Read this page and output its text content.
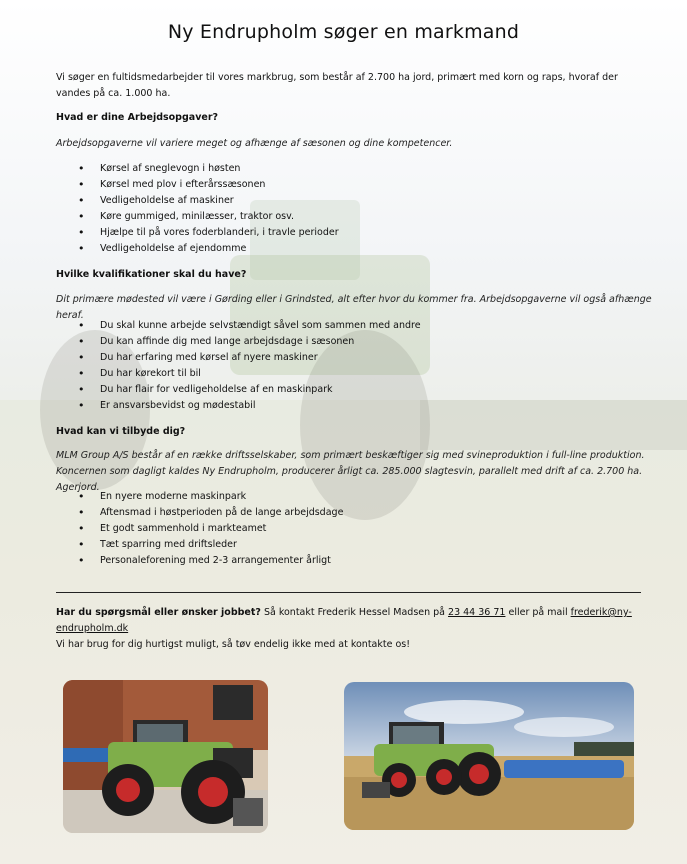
Ny Endrupholm søger en markmand

Vi søger en fultidsmedarbejder til vores markbrug, som består af 2.700 ha jord, primært med korn og raps, hvoraf der vandes på ca. 1.000 ha.

Hvad er dine Arbejdsopgaver?

Arbejdsopgaverne vil variere meget og afhænge af sæsonen og dine kompetencer.

• Kørsel af sneglevogn i høsten
• Kørsel med plov i efterårssæsonen
• Vedligeholdelse af maskiner
• Køre gummiged, minilæsser, traktor osv.
• Hjælpe til på vores foderblanderi, i travle perioder
• Vedligeholdelse af ejendomme

Hvilke kvalifikationer skal du have?

Dit primære mødested vil være i Gørding eller i Grindsted, alt efter hvor du kommer fra. Arbejdsopgaverne vil også afhænge heraf.

• Du skal kunne arbejde selvstændigt såvel som sammen med andre
• Du kan affinde dig med lange arbejdsdage i sæsonen
• Du har erfaring med kørsel af nyere maskiner
• Du har kørekort til bil
• Du har flair for vedligeholdelse af en maskinpark
• Er ansvarsbevidst og mødestabil

Hvad kan vi tilbyde dig?

MLM Group A/S består af en række driftsselskaber, som primært beskæftiger sig med svineproduktion i full-line produktion.

Koncernen som dagligt kaldes Ny Endrupholm, producerer årligt ca. 285.000 slagtesvin, parallelt med drift af ca. 2.700 ha. Agerjord.

• En nyere moderne maskinpark
• Aftensmad i høstperioden på de lange arbejdsdage
• Et godt sammenhold i markteamet
• Tæt sparring med driftsleder
• Personaleforening med 2-3 arrangementer årligt

Har du spørgsmål eller ønsker jobbet? Så kontakt Frederik Hessel Madsen på 23 44 36 71 eller på mail frederik@ny-endrupholm.dk
Vi har brug for dig hurtigst muligt, så tøv endelig ikke med at kontakte os!
